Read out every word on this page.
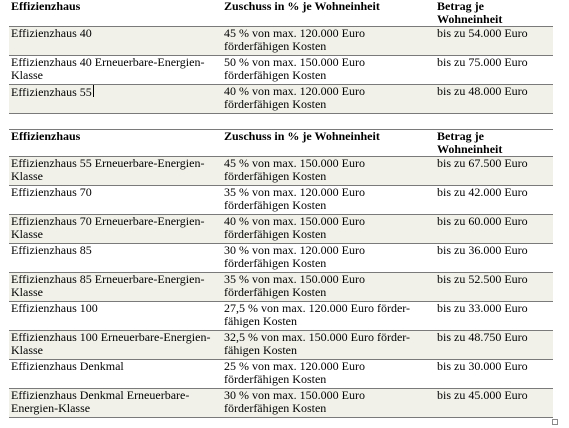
Effizienzhaus	Zuschuss in % je Wohneinheit	Betrag je Wohneinheit
Effizienzhaus 40	45 % von max. 120.000 Euro förderfähigen Kosten	bis zu 54.000 Euro
Effizienzhaus 40 Erneuerbare-Energien-Klasse	50 % von max. 150.000 Euro förderfähigen Kosten	bis zu 75.000 Euro
Effizienzhaus 55	40 % von max. 120.000 Euro förderfähigen Kosten	bis zu 48.000 Euro
Effizienzhaus	Zuschuss in % je Wohneinheit	Betrag je Wohneinheit
Effizienzhaus 55 Erneuerbare-Energien-Klasse	45 % von max. 150.000 Euro förderfähigen Kosten	bis zu 67.500 Euro
Effizienzhaus 70	35 % von max. 120.000 Euro förderfähigen Kosten	bis zu 42.000 Euro
Effizienzhaus 70 Erneuerbare-Energien-Klasse	40 % von max. 150.000 Euro förderfähigen Kosten	bis zu 60.000 Euro
Effizienzhaus 85	30 % von max. 120.000 Euro förderfähigen Kosten	bis zu 36.000 Euro
Effizienzhaus 85 Erneuerbare-Energien-Klasse	35 % von max. 150.000 Euro förderfähigen Kosten	bis zu 52.500 Euro
Effizienzhaus 100	27,5 % von max. 120.000 Euro förder-fähigen Kosten	bis zu 33.000 Euro
Effizienzhaus 100 Erneuerbare-Energien-Klasse	32,5 % von max. 150.000 Euro förder-fähigen Kosten	bis zu 48.750 Euro
Effizienzhaus Denkmal	25 % von max. 120.000 Euro förderfähigen Kosten	bis zu 30.000 Euro
Effizienzhaus Denkmal Erneuerbare-Energien-Klasse	30 % von max. 150.000 Euro förderfähigen Kosten	bis zu 45.000 Euro
